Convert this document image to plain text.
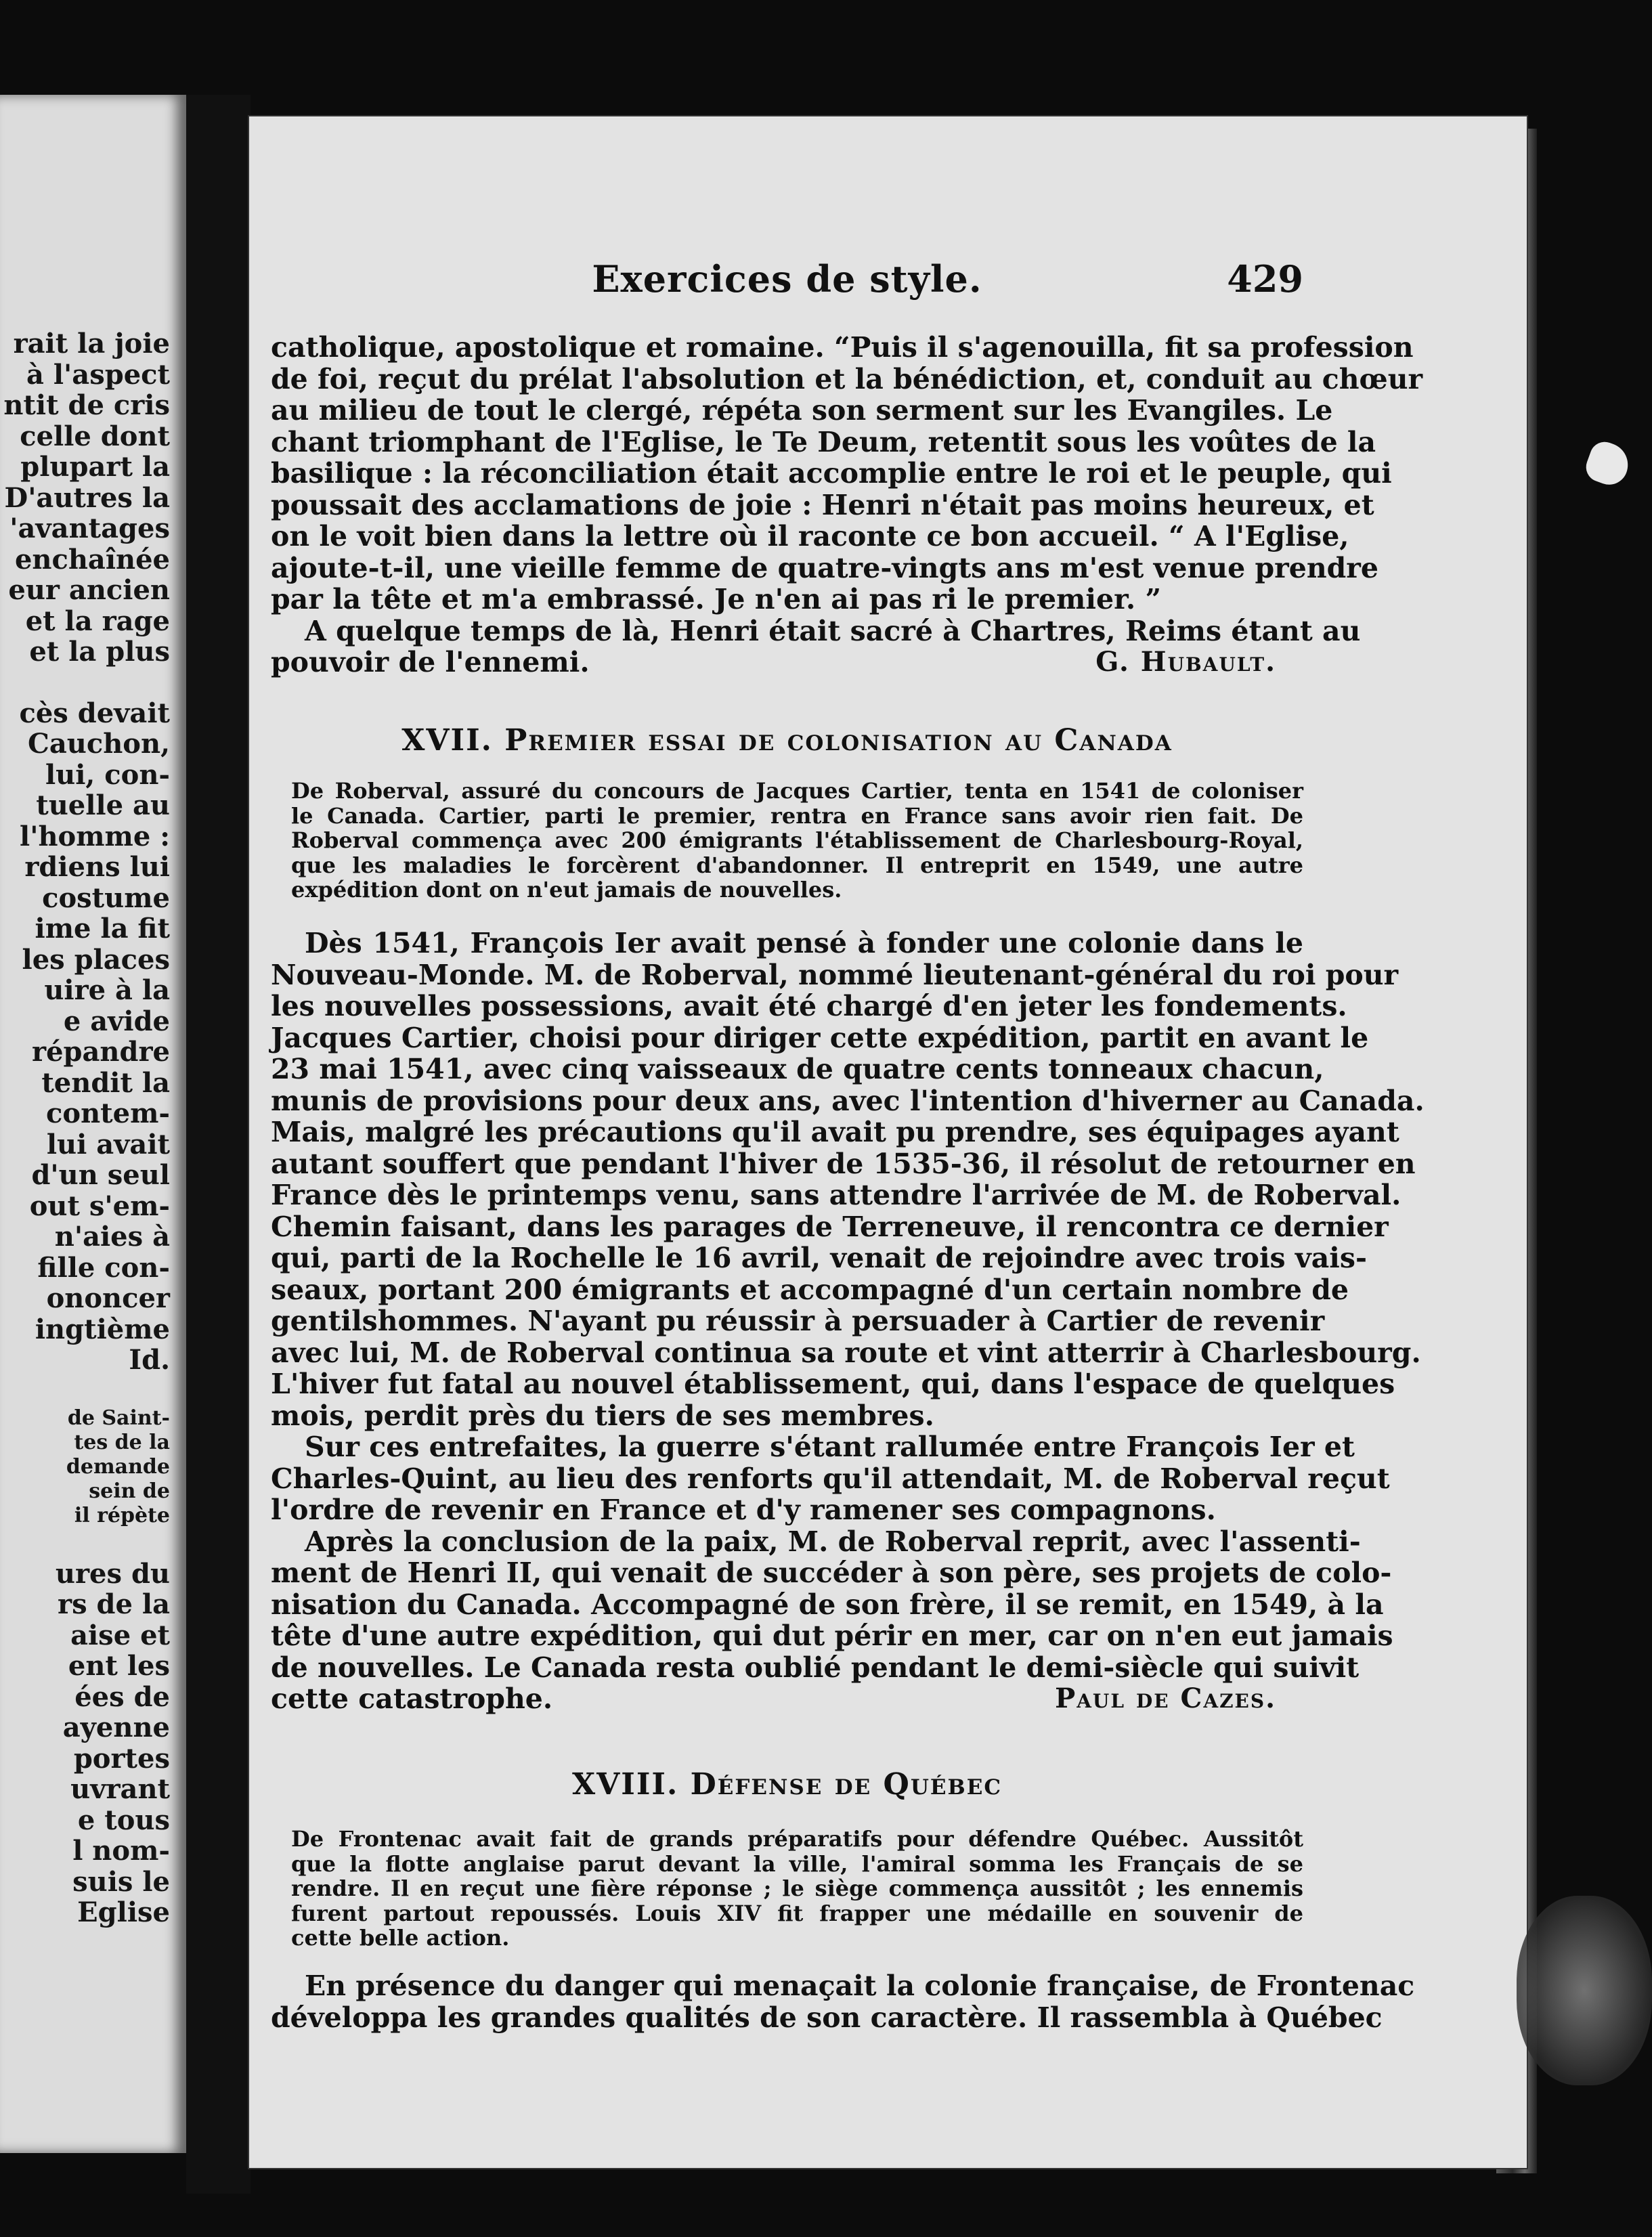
rait la joie
à l'aspect
ntit de cris
celle dont
plupart la
D'autres la
'avantages
enchaînée
eur ancien
et la rage
et la plus
cès devait
Cauchon,
lui, con-
tuelle au
l'homme :
rdiens lui
costume
ime la fit
les places
uire à la
e avide
répandre
tendit la
contem-
lui avait
d'un seul
out s'em-
n'aies à
fille con-
ononcer
ingtième
Id.
de Saint-
tes de la
demande
sein de
il répète
ures du
rs de la
aise et
ent les
ées de
ayenne
portes
uvrant
e tous
l nom-
suis le
Eglise
Exercices de style.	429
catholique, apostolique et romaine. “Puis il s'agenouilla, fit sa profession
de foi, reçut du prélat l'absolution et la bénédiction, et, conduit au chœur
au milieu de tout le clergé, répéta son serment sur les Evangiles. Le
chant triomphant de l'Eglise, le Te Deum, retentit sous les voûtes de la
basilique : la réconciliation était accomplie entre le roi et le peuple, qui
poussait des acclamations de joie : Henri n'était pas moins heureux, et
on le voit bien dans la lettre où il raconte ce bon accueil. “ A l'Eglise,
ajoute-t-il, une vieille femme de quatre-vingts ans m'est venue prendre
par la tête et m'a embrassé. Je n'en ai pas ri le premier. ”
A quelque temps de là, Henri était sacré à Chartres, Reims étant au
pouvoir de l'ennemi.	G. Hubault.
XVII. Premier essai de colonisation au Canada
De Roberval, assuré du concours de Jacques Cartier, tenta en 1541 de coloniser
le Canada. Cartier, parti le premier, rentra en France sans avoir rien fait. De
Roberval commença avec 200 émigrants l'établissement de Charlesbourg-Royal,
que les maladies le forcèrent d'abandonner. Il entreprit en 1549, une autre
expédition dont on n'eut jamais de nouvelles.
Dès 1541, François Ier avait pensé à fonder une colonie dans le
Nouveau-Monde. M. de Roberval, nommé lieutenant-général du roi pour
les nouvelles possessions, avait été chargé d'en jeter les fondements.
Jacques Cartier, choisi pour diriger cette expédition, partit en avant le
23 mai 1541, avec cinq vaisseaux de quatre cents tonneaux chacun,
munis de provisions pour deux ans, avec l'intention d'hiverner au Canada.
Mais, malgré les précautions qu'il avait pu prendre, ses équipages ayant
autant souffert que pendant l'hiver de 1535-36, il résolut de retourner en
France dès le printemps venu, sans attendre l'arrivée de M. de Roberval.
Chemin faisant, dans les parages de Terreneuve, il rencontra ce dernier
qui, parti de la Rochelle le 16 avril, venait de rejoindre avec trois vais-
seaux, portant 200 émigrants et accompagné d'un certain nombre de
gentilshommes. N'ayant pu réussir à persuader à Cartier de revenir
avec lui, M. de Roberval continua sa route et vint atterrir à Charlesbourg.
L'hiver fut fatal au nouvel établissement, qui, dans l'espace de quelques
mois, perdit près du tiers de ses membres.
Sur ces entrefaites, la guerre s'étant rallumée entre François Ier et
Charles-Quint, au lieu des renforts qu'il attendait, M. de Roberval reçut
l'ordre de revenir en France et d'y ramener ses compagnons.
Après la conclusion de la paix, M. de Roberval reprit, avec l'assenti-
ment de Henri II, qui venait de succéder à son père, ses projets de colo-
nisation du Canada. Accompagné de son frère, il se remit, en 1549, à la
tête d'une autre expédition, qui dut périr en mer, car on n'en eut jamais
de nouvelles. Le Canada resta oublié pendant le demi-siècle qui suivit
cette catastrophe.	Paul de Cazes.
XVIII. Défense de Québec
De Frontenac avait fait de grands préparatifs pour défendre Québec. Aussitôt
que la flotte anglaise parut devant la ville, l'amiral somma les Français de se
rendre. Il en reçut une fière réponse ; le siège commença aussitôt ; les ennemis
furent partout repoussés. Louis XIV fit frapper une médaille en souvenir de
cette belle action.
En présence du danger qui menaçait la colonie française, de Frontenac
développa les grandes qualités de son caractère. Il rassembla à Québec
